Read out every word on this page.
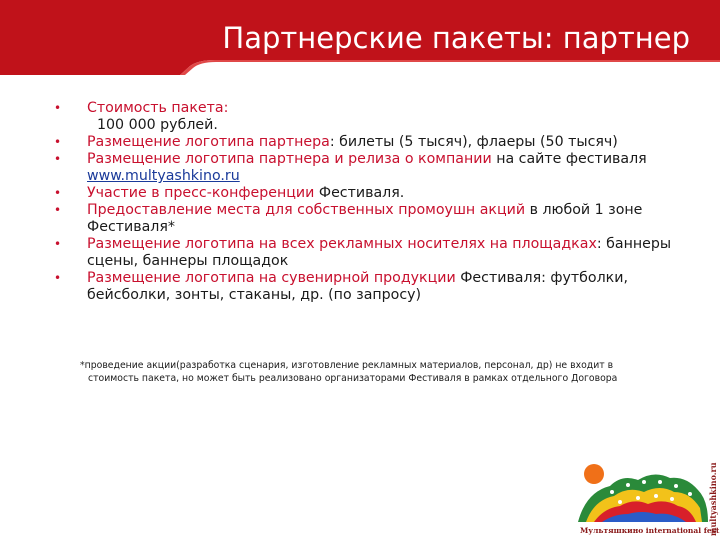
Партнерские пакеты: партнер
• Стоимость пакета:
100 000 рублей.
• Размещение логотипа партнера: билеты (5 тысяч), флаеры (50 тысяч)
• Размещение логотипа партнера и релиза о компании на сайте фестиваля
www.multyashkino.ru
• Участие в пресс-конференции Фестиваля.
• Предоставление места для собственных промоушн акций в любой 1 зоне Фестиваля*
• Размещение логотипа на всех рекламных носителях на площадках: баннеры сцены, баннеры площадок
• Размещение логотипа на сувенирной продукции Фестиваля: футболки, бейсболки, зонты, стаканы, др. (по запросу)
*проведение акции(разработка сценария, изготовление рекламных материалов, персонал, др) не входит в
стоимость пакета, но может быть реализовано организаторами Фестиваля в рамках отдельного Договора
Мультяшкино international fest
multyashkino.ru
